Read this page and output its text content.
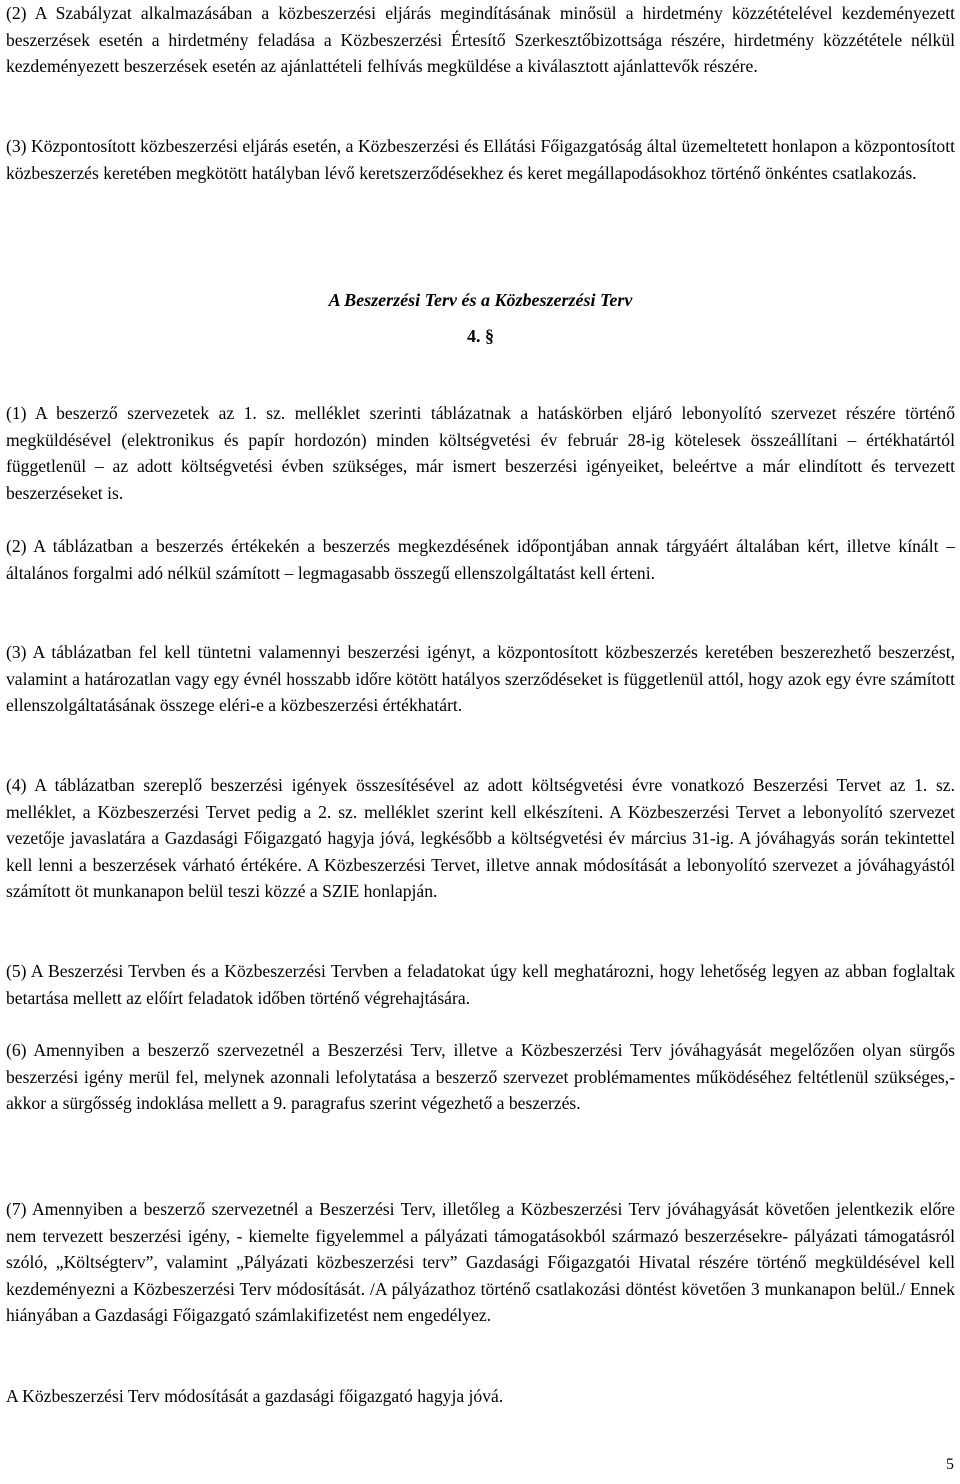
(2) A Szabályzat alkalmazásában a közbeszerzési eljárás megindításának minősül a hirdetmény közzétételével kezdeményezett beszerzések esetén a hirdetmény feladása a Közbeszerzési Értesítő Szerkesztőbizottsága részére, hirdetmény közzététele nélkül kezdeményezett beszerzések esetén az ajánlattételi felhívás megküldése a kiválasztott ajánlattevők részére.

(3) Központosított közbeszerzési eljárás esetén, a Közbeszerzési és Ellátási Főigazgatóság által üzemeltetett honlapon a központosított közbeszerzés keretében megkötött hatályban lévő keretszerződésekhez és keret megállapodásokhoz történő önkéntes csatlakozás.

A Beszerzési Terv és a Közbeszerzési Terv

4. §

(1) A beszerző szervezetek az 1. sz. melléklet szerinti táblázatnak a hatáskörben eljáró lebonyolító szervezet részére történő megküldésével (elektronikus és papír hordozón) minden költségvetési év február 28-ig kötelesek összeállítani – értékhatártól függetlenül – az adott költségvetési évben szükséges, már ismert beszerzési igényeiket, beleértve a már elindított és tervezett beszerzéseket is.

(2) A táblázatban a beszerzés értékekén a beszerzés megkezdésének időpontjában annak tárgyáért általában kért, illetve kínált – általános forgalmi adó nélkül számított – legmagasabb összegű ellenszolgáltatást kell érteni.

(3) A táblázatban fel kell tüntetni valamennyi beszerzési igényt, a központosított közbeszerzés keretében beszerezhető beszerzést, valamint a határozatlan vagy egy évnél hosszabb időre kötött hatályos szerződéseket is függetlenül attól, hogy azok egy évre számított ellenszolgáltatásának összege eléri-e a közbeszerzési értékhatárt.

(4) A táblázatban szereplő beszerzési igények összesítésével az adott költségvetési évre vonatkozó Beszerzési Tervet az 1. sz. melléklet, a Közbeszerzési Tervet pedig a 2. sz. melléklet szerint kell elkészíteni. A Közbeszerzési Tervet a lebonyolító szervezet vezetője javaslatára a Gazdasági Főigazgató hagyja jóvá, legkésőbb a költségvetési év március 31-ig. A jóváhagyás során tekintettel kell lenni a beszerzések várható értékére. A Közbeszerzési Tervet, illetve annak módosítását a lebonyolító szervezet a jóváhagyástól számított öt munkanapon belül teszi közzé a SZIE honlapján.

(5) A Beszerzési Tervben és a Közbeszerzési Tervben a feladatokat úgy kell meghatározni, hogy lehetőség legyen az abban foglaltak betartása mellett az előírt feladatok időben történő végrehajtására.

(6) Amennyiben a beszerző szervezetnél a Beszerzési Terv, illetve a Közbeszerzési Terv jóváhagyását megelőzően olyan sürgős beszerzési igény merül fel, melynek azonnali lefolytatása a beszerző szervezet problémamentes működéséhez feltétlenül szükséges,- akkor a sürgősség indoklása mellett a 9. paragrafus szerint végezhető a beszerzés.

(7) Amennyiben a beszerző szervezetnél a Beszerzési Terv, illetőleg a Közbeszerzési Terv jóváhagyását követően jelentkezik előre nem tervezett beszerzési igény, - kiemelte figyelemmel a pályázati támogatásokból származó beszerzésekre- pályázati támogatásról szóló, „Költségterv”, valamint „Pályázati közbeszerzési terv” Gazdasági Főigazgatói Hivatal részére történő megküldésével kell kezdeményezni a Közbeszerzési Terv módosítását. /A pályázathoz történő csatlakozási döntést követően 3 munkanapon belül./ Ennek hiányában a Gazdasági Főigazgató számlakifizetést nem engedélyez.

A Közbeszerzési Terv módosítását a gazdasági főigazgató hagyja jóvá.

5
